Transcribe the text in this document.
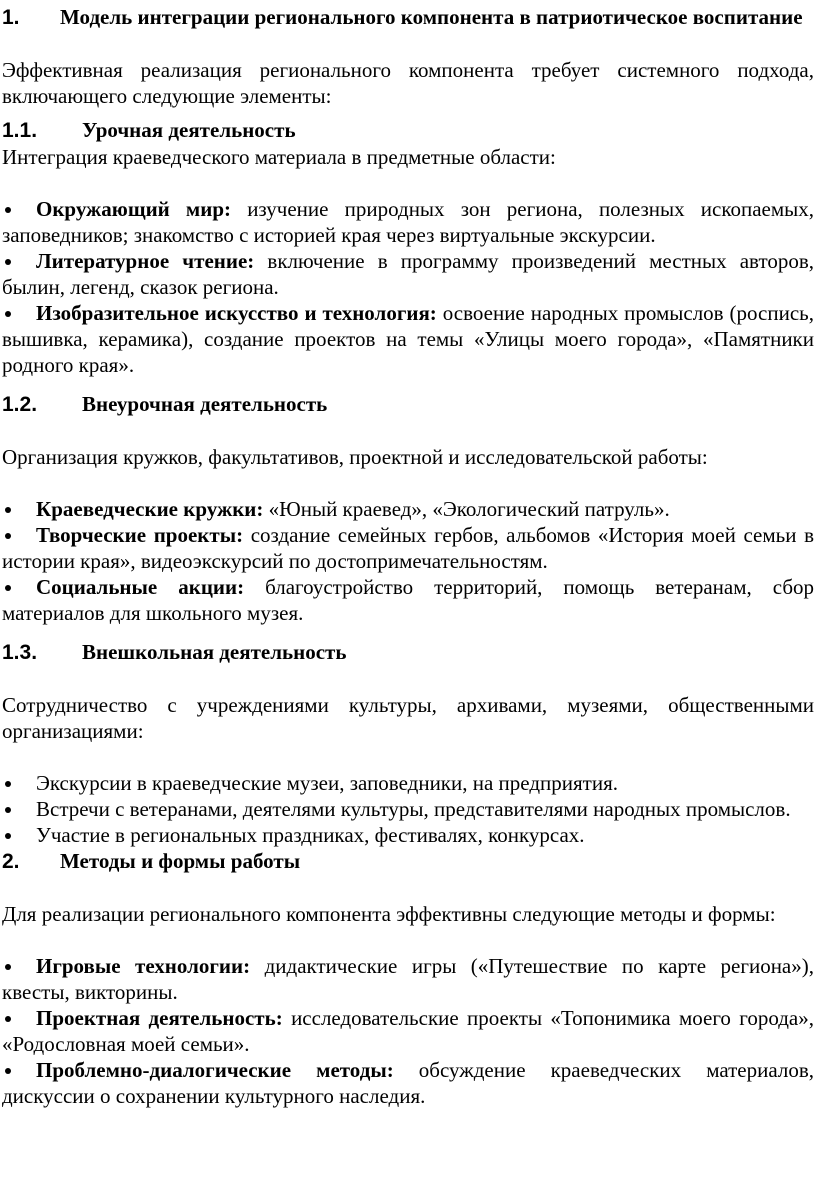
1. Модель интеграции регионального компонента в патриотическое воспитание

Эффективная реализация регионального компонента требует системного подхода, включающего следующие элементы:

1.1. Урочная деятельность

Интеграция краеведческого материала в предметные области:

Окружающий мир: изучение природных зон региона, полезных ископаемых, заповедников; знакомство с историей края через виртуальные экскурсии.
Литературное чтение: включение в программу произведений местных авторов, былин, легенд, сказок региона.
Изобразительное искусство и технология: освоение народных промыслов (роспись, вышивка, керамика), создание проектов на темы «Улицы моего города», «Памятники родного края».
1.2. Внеурочная деятельность

Организация кружков, факультативов, проектной и исследовательской работы:

Краеведческие кружки: «Юный краевед», «Экологический патруль».
Творческие проекты: создание семейных гербов, альбомов «История моей семьи в истории края», видеоэкскурсий по достопримечательностям.
Социальные акции: благоустройство территорий, помощь ветеранам, сбор материалов для школьного музея.
1.3. Внешкольная деятельность

Сотрудничество с учреждениями культуры, архивами, музеями, общественными организациями:

Экскурсии в краеведческие музеи, заповедники, на предприятия.
Встречи с ветеранами, деятелями культуры, представителями народных промыслов.
Участие в региональных праздниках, фестивалях, конкурсах.
2. Методы и формы работы

Для реализации регионального компонента эффективны следующие методы и формы:

Игровые технологии: дидактические игры («Путешествие по карте региона»), квесты, викторины.
Проектная деятельность: исследовательские проекты «Топонимика моего города», «Родословная моей семьи».
Проблемно-диалогические методы: обсуждение краеведческих материалов, дискуссии о сохранении культурного наследия.
